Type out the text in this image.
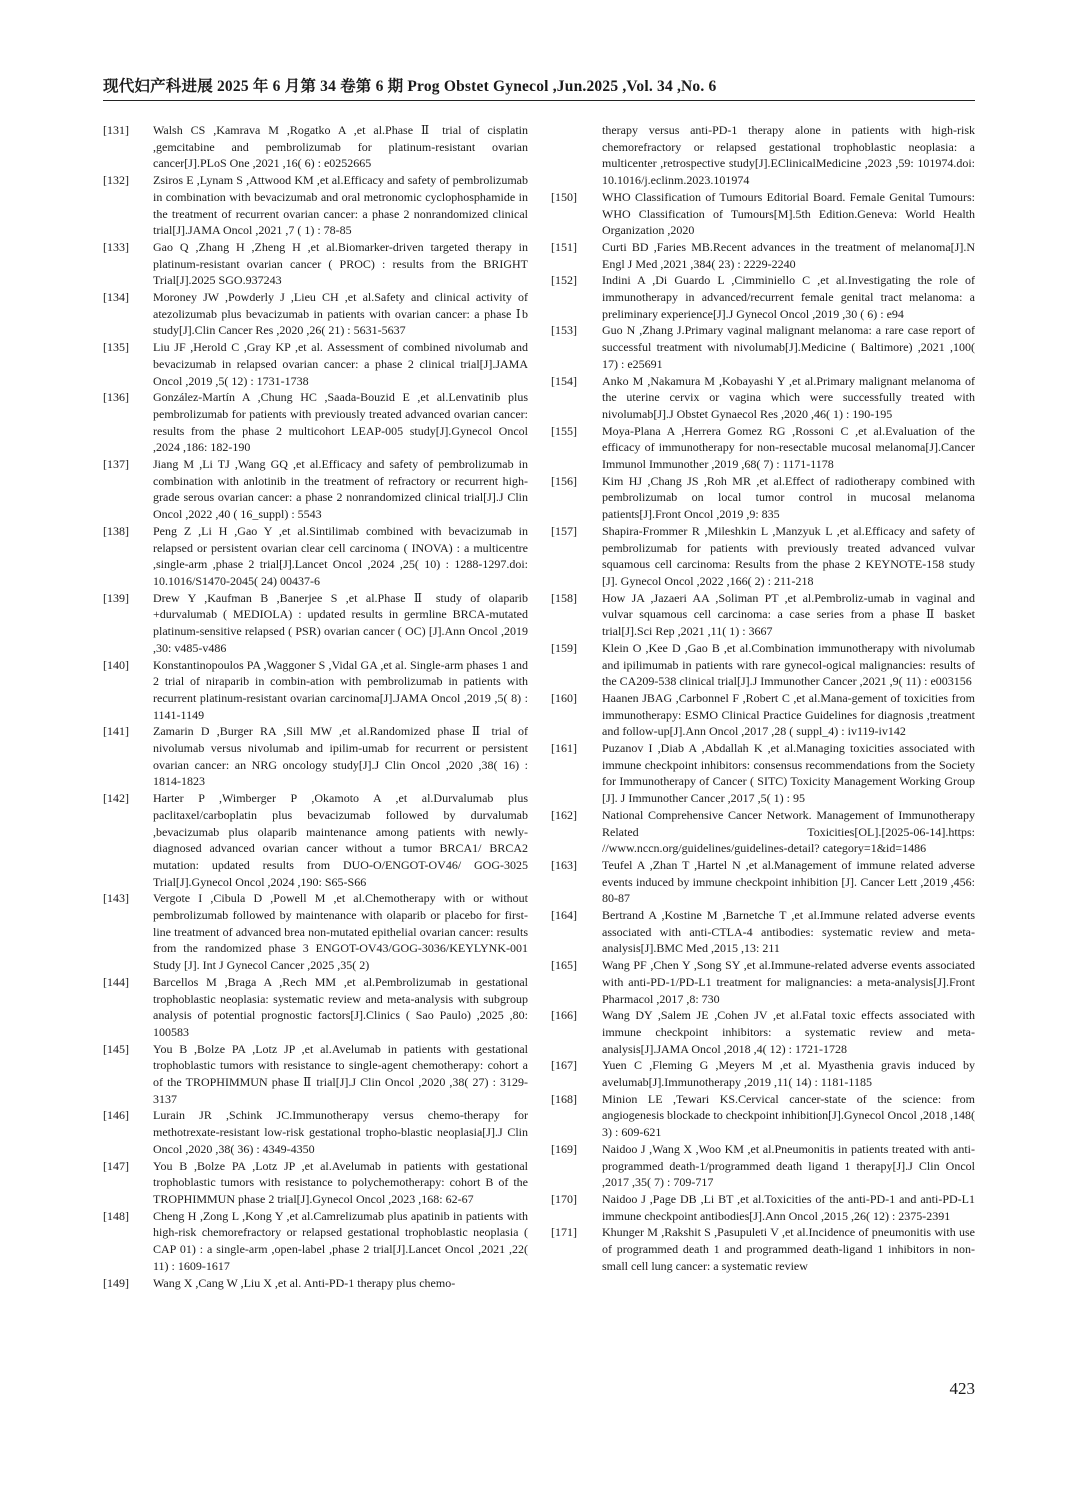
现代妇产科进展 2025 年 6 月第 34 卷第 6 期 Prog Obstet Gynecol ,Jun.2025 ,Vol. 34 ,No. 6
[131]	Walsh CS ,Kamrava M ,Rogatko A ,et al.Phase Ⅱ trial of cisplatin ,gemcitabine and pembrolizumab for platinum-resistant ovarian cancer[J].PLoS One ,2021 ,16( 6) : e0252665
[132]	Zsiros E ,Lynam S ,Attwood KM ,et al.Efficacy and safety of pembrolizumab in combination with bevacizumab and oral metronomic cyclophosphamide in the treatment of recurrent ovarian cancer: a phase 2 nonrandomized clinical trial[J].JAMA Oncol ,2021 ,7 ( 1) : 78-85
[133]	Gao Q ,Zhang H ,Zheng H ,et al.Biomarker-driven targeted therapy in platinum-resistant ovarian cancer ( PROC) : results from the BRIGHT Trial[J].2025 SGO.937243
[134]	Moroney JW ,Powderly J ,Lieu CH ,et al.Safety and clinical activity of atezolizumab plus bevacizumab in patients with ovarian cancer: a phase Ⅰb study[J].Clin Cancer Res ,2020 ,26( 21) : 5631-5637
[135]	Liu JF ,Herold C ,Gray KP ,et al. Assessment of combined nivolumab and bevacizumab in relapsed ovarian cancer: a phase 2 clinical trial[J].JAMA Oncol ,2019 ,5( 12) : 1731-1738
[136]	González-Martín A ,Chung HC ,Saada-Bouzid E ,et al.Lenvatinib plus pembrolizumab for patients with previously treated advanced ovarian cancer: results from the phase 2 multicohort LEAP-005 study[J].Gynecol Oncol ,2024 ,186: 182-190
[137]	Jiang M ,Li TJ ,Wang GQ ,et al.Efficacy and safety of pembrolizumab in combination with anlotinib in the treatment of refractory or recurrent high-grade serous ovarian cancer: a phase 2 nonrandomized clinical trial[J].J Clin Oncol ,2022 ,40 ( 16_suppl) : 5543
[138]	Peng Z ,Li H ,Gao Y ,et al.Sintilimab combined with bevacizumab in relapsed or persistent ovarian clear cell carcinoma ( INOVA) : a multicentre ,single-arm ,phase 2 trial[J].Lancet Oncol ,2024 ,25( 10) : 1288-1297.doi: 10.1016/S1470-2045( 24) 00437-6
[139]	Drew Y ,Kaufman B ,Banerjee S ,et al.Phase Ⅱ study of olaparib +durvalumab ( MEDIOLA) : updated results in germline BRCA-mutated platinum-sensitive relapsed ( PSR) ovarian cancer ( OC) [J].Ann Oncol ,2019 ,30: v485-v486
[140]	Konstantinopoulos PA ,Waggoner S ,Vidal GA ,et al. Single-arm phases 1 and 2 trial of niraparib in combin-ation with pembrolizumab in patients with recurrent platinum-resistant ovarian carcinoma[J].JAMA Oncol ,2019 ,5( 8) : 1141-1149
[141]	Zamarin D ,Burger RA ,Sill MW ,et al.Randomized phase Ⅱ trial of nivolumab versus nivolumab and ipilim-umab for recurrent or persistent ovarian cancer: an NRG oncology study[J].J Clin Oncol ,2020 ,38( 16) : 1814-1823
[142]	Harter P ,Wimberger P ,Okamoto A ,et al.Durvalumab plus paclitaxel/carboplatin plus bevacizumab followed by durvalumab ,bevacizumab plus olaparib maintenance among patients with newly-diagnosed advanced ovarian cancer without a tumor BRCA1/ BRCA2 mutation: updated results from DUO-O/ENGOT-OV46/ GOG-3025 Trial[J].Gynecol Oncol ,2024 ,190: S65-S66
[143]	Vergote I ,Cibula D ,Powell M ,et al.Chemotherapy with or without pembrolizumab followed by maintenance with olaparib or placebo for first-line treatment of advanced brea non-mutated epithelial ovarian cancer: results from the randomized phase 3 ENGOT-OV43/GOG-3036/KEYLYNK-001 Study [J]. Int J Gynecol Cancer ,2025 ,35( 2)
[144]	Barcellos M ,Braga A ,Rech MM ,et al.Pembrolizumab in gestational trophoblastic neoplasia: systematic review and meta-analysis with subgroup analysis of potential prognostic factors[J].Clinics ( Sao Paulo) ,2025 ,80: 100583
[145]	You B ,Bolze PA ,Lotz JP ,et al.Avelumab in patients with gestational trophoblastic tumors with resistance to single-agent chemotherapy: cohort a of the TROPHIMMUN phase Ⅱ trial[J].J Clin Oncol ,2020 ,38( 27) : 3129-3137
[146]	Lurain JR ,Schink JC.Immunotherapy versus chemo-therapy for methotrexate-resistant low-risk gestational tropho-blastic neoplasia[J].J Clin Oncol ,2020 ,38( 36) : 4349-4350
[147]	You B ,Bolze PA ,Lotz JP ,et al.Avelumab in patients with gestational trophoblastic tumors with resistance to polychemotherapy: cohort B of the TROPHIMMUN phase 2 trial[J].Gynecol Oncol ,2023 ,168: 62-67
[148]	Cheng H ,Zong L ,Kong Y ,et al.Camrelizumab plus apatinib in patients with high-risk chemorefractory or relapsed gestational trophoblastic neoplasia ( CAP 01) : a single-arm ,open-label ,phase 2 trial[J].Lancet Oncol ,2021 ,22( 11) : 1609-1617
[149]	Wang X ,Cang W ,Liu X ,et al. Anti-PD-1 therapy plus chemo-
therapy versus anti-PD-1 therapy alone in patients with high-risk chemorefractory or relapsed gestational trophoblastic neoplasia: a multicenter ,retrospective study[J].EClinicalMedicine ,2023 ,59: 101974.doi: 10.1016/j.eclinm.2023.101974
[150]	WHO Classification of Tumours Editorial Board. Female Genital Tumours: WHO Classification of Tumours[M].5th Edition.Geneva: World Health Organization ,2020
[151]	Curti BD ,Faries MB.Recent advances in the treatment of melanoma[J].N Engl J Med ,2021 ,384( 23) : 2229-2240
[152]	Indini A ,Di Guardo L ,Cimminiello C ,et al.Investigating the role of immunotherapy in advanced/recurrent female genital tract melanoma: a preliminary experience[J].J Gynecol Oncol ,2019 ,30 ( 6) : e94
[153]	Guo N ,Zhang J.Primary vaginal malignant melanoma: a rare case report of successful treatment with nivolumab[J].Medicine ( Baltimore) ,2021 ,100( 17) : e25691
[154]	Anko M ,Nakamura M ,Kobayashi Y ,et al.Primary malignant melanoma of the uterine cervix or vagina which were successfully treated with nivolumab[J].J Obstet Gynaecol Res ,2020 ,46( 1) : 190-195
[155]	Moya-Plana A ,Herrera Gomez RG ,Rossoni C ,et al.Evaluation of the efficacy of immunotherapy for non-resectable mucosal melanoma[J].Cancer Immunol Immunother ,2019 ,68( 7) : 1171-1178
[156]	Kim HJ ,Chang JS ,Roh MR ,et al.Effect of radiotherapy combined with pembrolizumab on local tumor control in mucosal melanoma patients[J].Front Oncol ,2019 ,9: 835
[157]	Shapira-Frommer R ,Mileshkin L ,Manzyuk L ,et al.Efficacy and safety of pembrolizumab for patients with previously treated advanced vulvar squamous cell carcinoma: Results from the phase 2 KEYNOTE-158 study [J]. Gynecol Oncol ,2022 ,166( 2) : 211-218
[158]	How JA ,Jazaeri AA ,Soliman PT ,et al.Pembroliz-umab in vaginal and vulvar squamous cell carcinoma: a case series from a phase Ⅱ basket trial[J].Sci Rep ,2021 ,11( 1) : 3667
[159]	Klein O ,Kee D ,Gao B ,et al.Combination immunotherapy with nivolumab and ipilimumab in patients with rare gynecol-ogical malignancies: results of the CA209-538 clinical trial[J].J Immunother Cancer ,2021 ,9( 11) : e003156
[160]	Haanen JBAG ,Carbonnel F ,Robert C ,et al.Mana-gement of toxicities from immunotherapy: ESMO Clinical Practice Guidelines for diagnosis ,treatment and follow-up[J].Ann Oncol ,2017 ,28 ( suppl_4) : iv119-iv142
[161]	Puzanov I ,Diab A ,Abdallah K ,et al.Managing toxicities associated with immune checkpoint inhibitors: consensus recommendations from the Society for Immunotherapy of Cancer ( SITC) Toxicity Management Working Group [J]. J Immunother Cancer ,2017 ,5( 1) : 95
[162]	National Comprehensive Cancer Network. Management of Immunotherapy Related Toxicities[OL].[2025-06-14].https: //www.nccn.org/guidelines/guidelines-detail? category=1&id=1486
[163]	Teufel A ,Zhan T ,Hartel N ,et al.Management of immune related adverse events induced by immune checkpoint inhibition [J]. Cancer Lett ,2019 ,456: 80-87
[164]	Bertrand A ,Kostine M ,Barnetche T ,et al.Immune related adverse events associated with anti-CTLA-4 antibodies: systematic review and meta-analysis[J].BMC Med ,2015 ,13: 211
[165]	Wang PF ,Chen Y ,Song SY ,et al.Immune-related adverse events associated with anti-PD-1/PD-L1 treatment for malignancies: a meta-analysis[J].Front Pharmacol ,2017 ,8: 730
[166]	Wang DY ,Salem JE ,Cohen JV ,et al.Fatal toxic effects associated with immune checkpoint inhibitors: a systematic review and meta-analysis[J].JAMA Oncol ,2018 ,4( 12) : 1721-1728
[167]	Yuen C ,Fleming G ,Meyers M ,et al. Myasthenia gravis induced by avelumab[J].Immunotherapy ,2019 ,11( 14) : 1181-1185
[168]	Minion LE ,Tewari KS.Cervical cancer-state of the science: from angiogenesis blockade to checkpoint inhibition[J].Gynecol Oncol ,2018 ,148( 3) : 609-621
[169]	Naidoo J ,Wang X ,Woo KM ,et al.Pneumonitis in patients treated with anti-programmed death-1/programmed death ligand 1 therapy[J].J Clin Oncol ,2017 ,35( 7) : 709-717
[170]	Naidoo J ,Page DB ,Li BT ,et al.Toxicities of the anti-PD-1 and anti-PD-L1 immune checkpoint antibodies[J].Ann Oncol ,2015 ,26( 12) : 2375-2391
[171]	Khunger M ,Rakshit S ,Pasupuleti V ,et al.Incidence of pneumonitis with use of programmed death 1 and programmed death-ligand 1 inhibitors in non-small cell lung cancer: a systematic review
423
